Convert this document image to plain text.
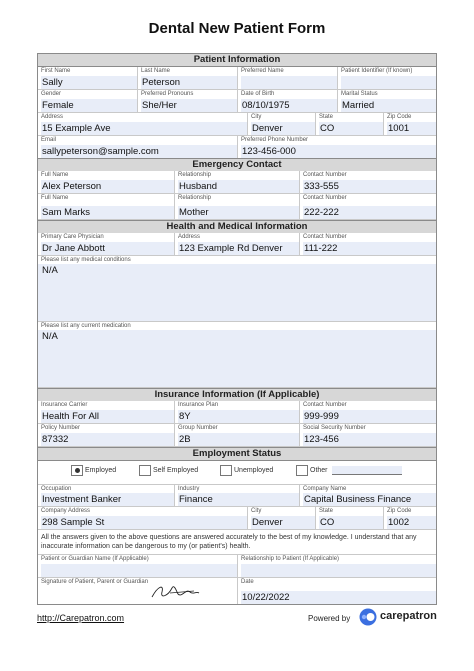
Dental New Patient Form
Patient Information
First Name
Sally
Last Name
Peterson
Preferred Name	Patient Identifier (If known)
Gender
Female
Preferred Pronouns
She/Her
Date of Birth
08/10/1975
Marital Status
Married
Address
15 Example Ave
City
Denver
State
CO
Zip Code
1001
Email
sallypeterson@sample.com
Preferred Phone Number
123-456-000
Emergency Contact
Full Name
Alex Peterson
Relationship
Husband
Contact Number
333-555
Full Name
Sam Marks
Relationship
Mother
Contact Number
222-222
Health and Medical Information
Primary Care Physician
Dr Jane Abbott
Address
123 Example Rd Denver
Contact Number
111-222
Please list any medical conditions
N/A
Please list any current medication
N/A
Insurance Information (If Applicable)
Insurance Carrier
Health For All
Insurance Plan
8Y
Contact Number
999-999
Policy Number
87332
Group Number
2B
Social Security Number
123-456
Employment Status
Employed	Self Employed	Unemployed	Other
Occupation
Investment Banker
Industry
Finance
Company Name
Capital Business Finance
Company Address
298 Sample St
City
Denver
State
CO
Zip Code
1002
All the answers given to the above questions are answered accurately to the best of my knowledge. I understand that any inaccurate information can be dangerous to my (or patient's) health.
Patient or Guardian Name (If Applicable)	Relationship to Patient (If Applicable)
Signature of Patient, Parent or Guardian	Date
10/22/2022
http://Carepatron.com	Powered by	carepatron
